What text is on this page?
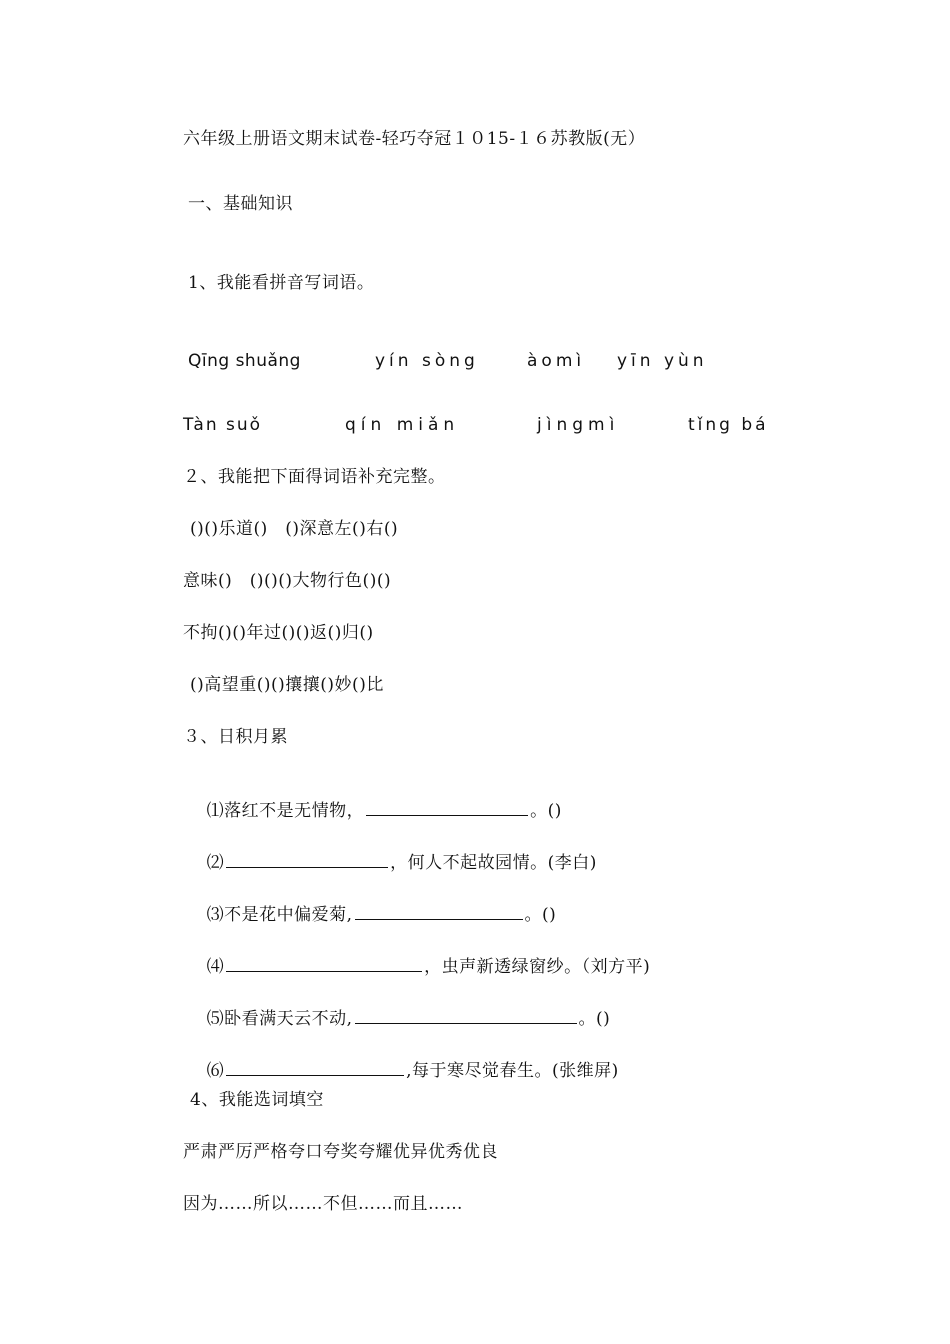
六年级上册语文期末试卷-轻巧夺冠１０15-１６苏教版(无）
一、基础知识
1、我能看拼音写词语。
Qīng shuǎng	yín sòng	àomì yīn yùn
Tàn suǒ	qín miǎn	jìngmì	tǐng bá
２、我能把下面得词语补充完整。
()()乐道()　()深意左()右()
意味()　()()()大物行色()()
不拘()()年过()()返()归()
()高望重()()攘攘()妙()比
３、日积月累

⑴落红不是无情物，	。()

⑵	，何人不起故园情。(李白)

⑶不是花中偏爱菊,	。()

⑷	，虫声新透绿窗纱。（刘方平)

⑸卧看满天云不动,	。()

⑹	,每于寒尽觉春生。(张维屏)

4、我能选词填空
严肃严厉严格夸口夸奖夸耀优异优秀优良
因为……所以……不但……而且……
